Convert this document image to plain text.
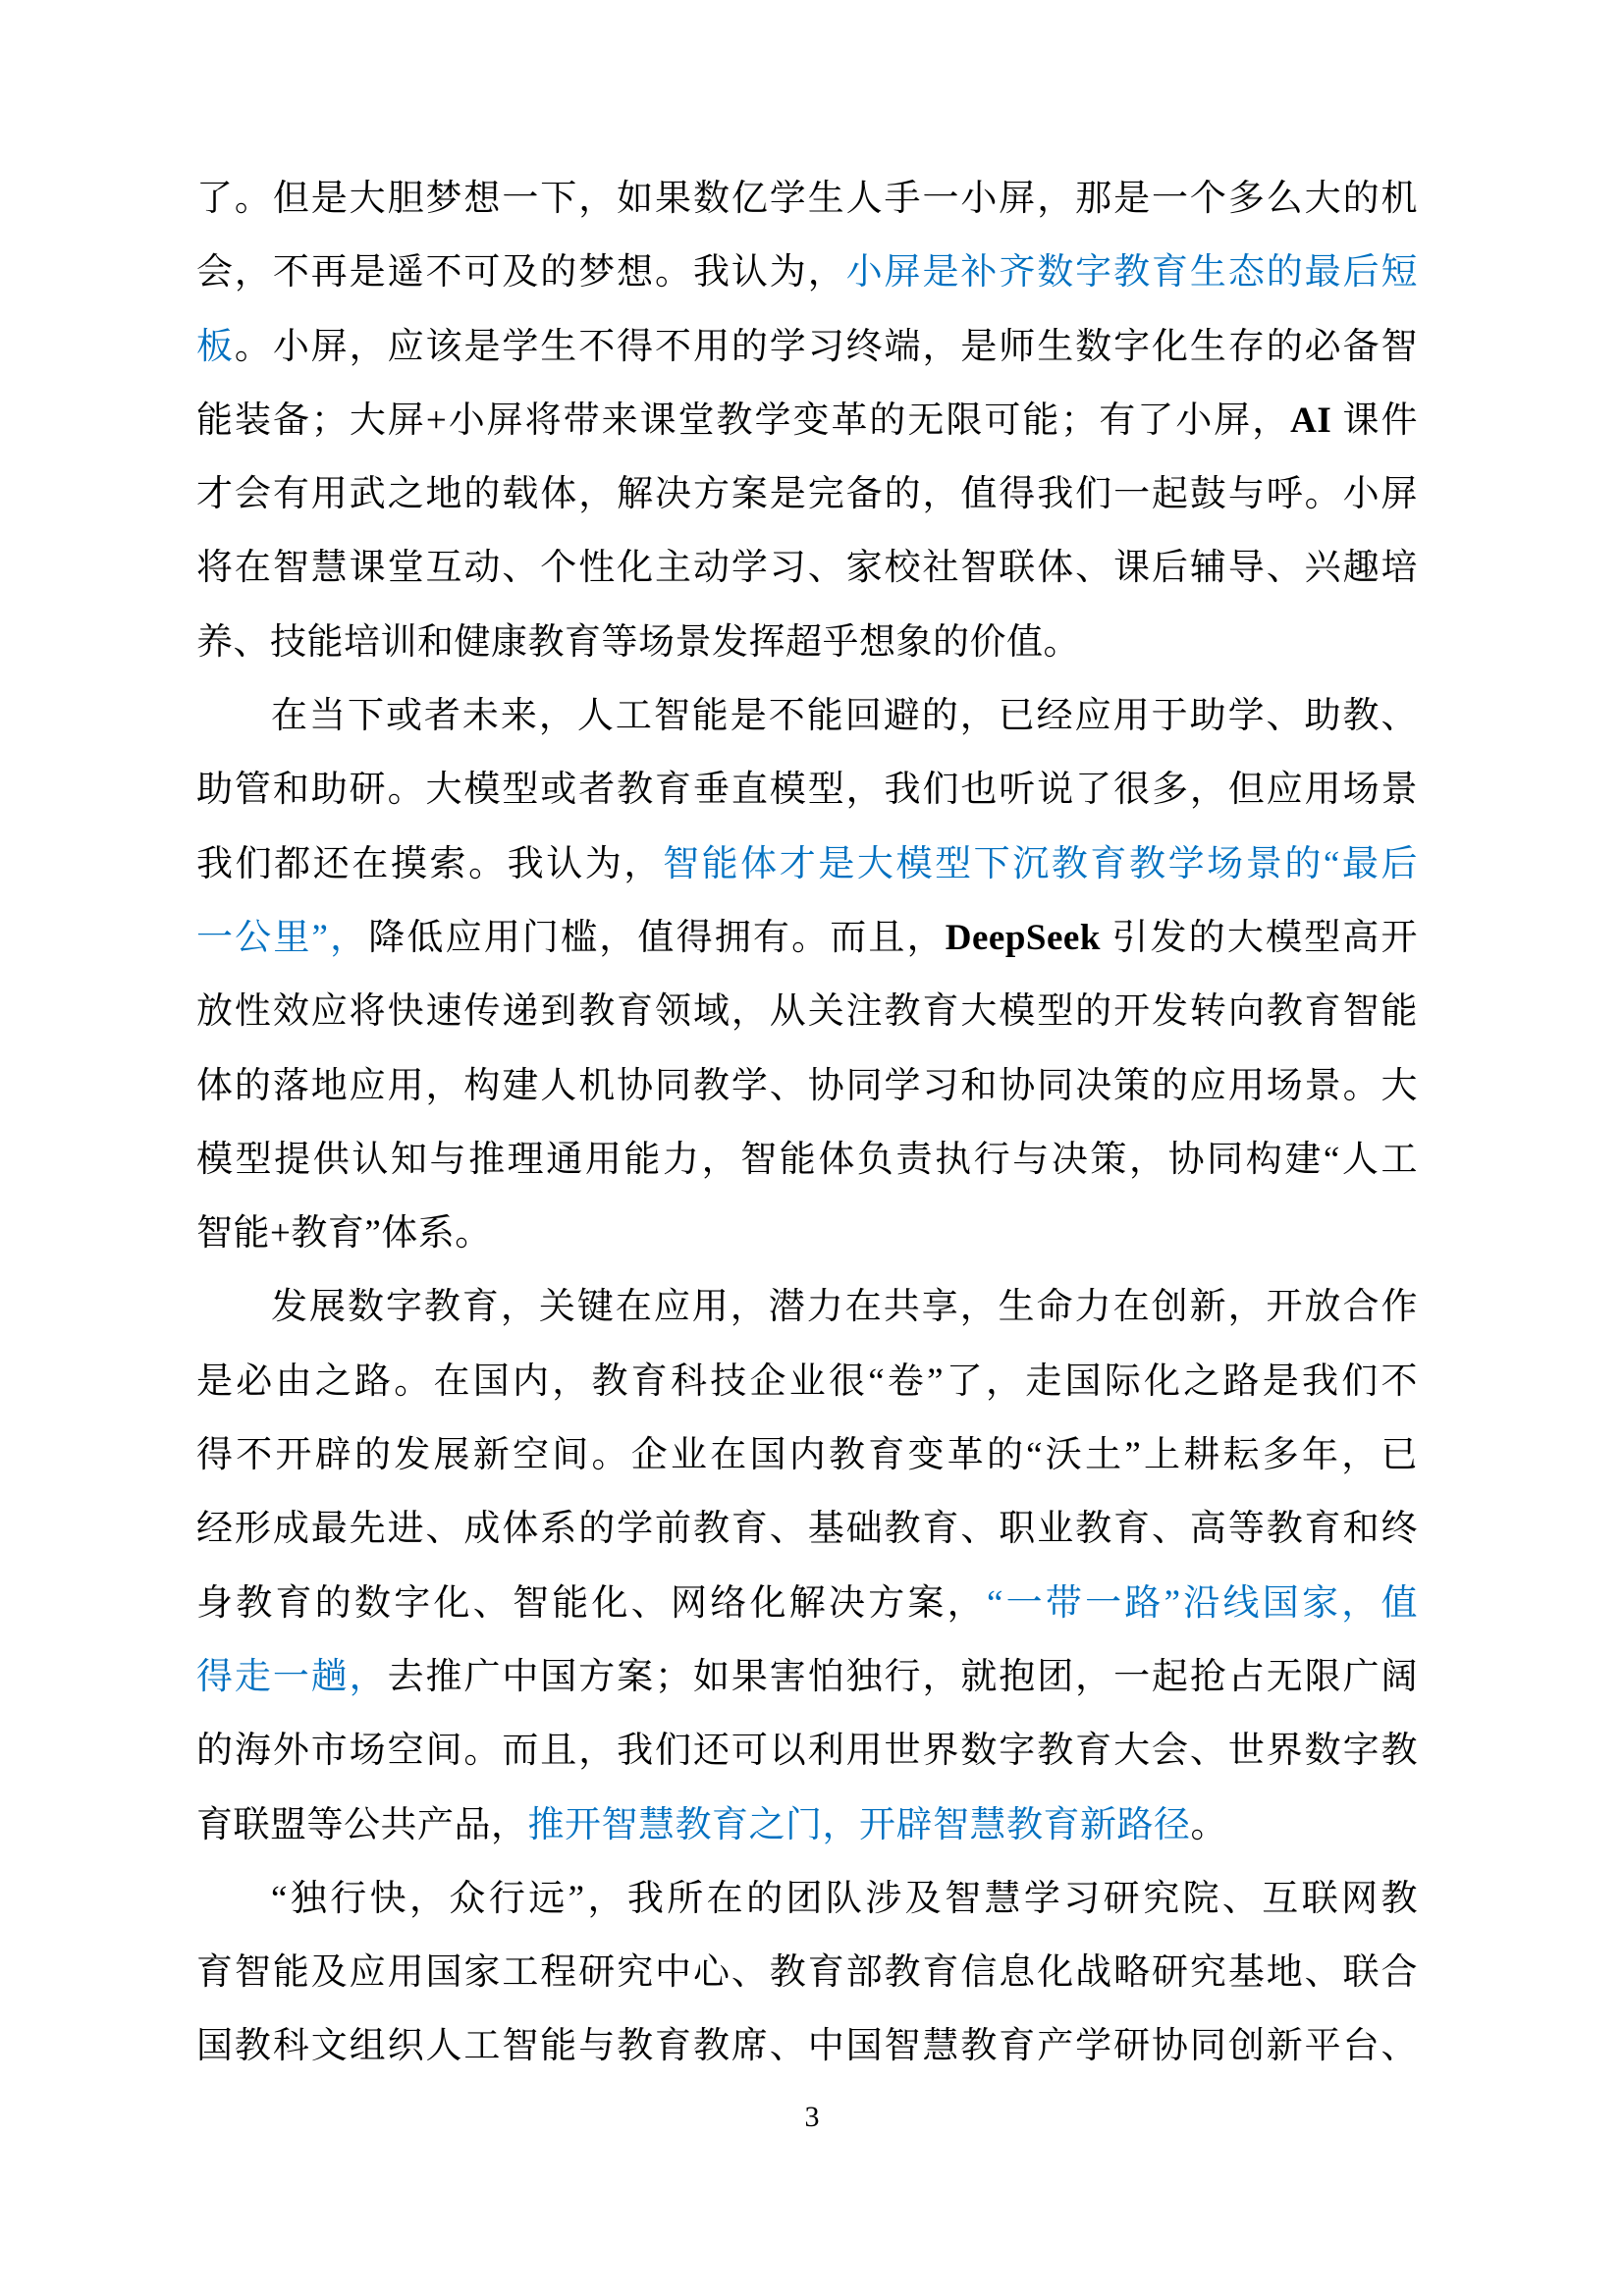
了。但是大胆梦想一下，如果数亿学生人手一小屏，那是一个多么大的机
会，不再是遥不可及的梦想。我认为，小屏是补齐数字教育生态的最后短
板。小屏，应该是学生不得不用的学习终端，是师生数字化生存的必备智
能装备；大屏+小屏将带来课堂教学变革的无限可能；有了小屏，AI 课件
才会有用武之地的载体，解决方案是完备的，值得我们一起鼓与呼。小屏
将在智慧课堂互动、个性化主动学习、家校社智联体、课后辅导、兴趣培
养、技能培训和健康教育等场景发挥超乎想象的价值。
在当下或者未来，人工智能是不能回避的，已经应用于助学、助教、
助管和助研。大模型或者教育垂直模型，我们也听说了很多，但应用场景
我们都还在摸索。我认为，智能体才是大模型下沉教育教学场景的“最后
一公里”，降低应用门槛，值得拥有。而且，DeepSeek 引发的大模型高开
放性效应将快速传递到教育领域，从关注教育大模型的开发转向教育智能
体的落地应用，构建人机协同教学、协同学习和协同决策的应用场景。大
模型提供认知与推理通用能力，智能体负责执行与决策，协同构建“人工
智能+教育”体系。
发展数字教育，关键在应用，潜力在共享，生命力在创新，开放合作
是必由之路。在国内，教育科技企业很“卷”了，走国际化之路是我们不
得不开辟的发展新空间。企业在国内教育变革的“沃土”上耕耘多年，已
经形成最先进、成体系的学前教育、基础教育、职业教育、高等教育和终
身教育的数字化、智能化、网络化解决方案，“一带一路”沿线国家，值
得走一趟，去推广中国方案；如果害怕独行，就抱团，一起抢占无限广阔
的海外市场空间。而且，我们还可以利用世界数字教育大会、世界数字教
育联盟等公共产品，推开智慧教育之门，开辟智慧教育新路径。
“独行快，众行远”，我所在的团队涉及智慧学习研究院、互联网教
育智能及应用国家工程研究中心、教育部教育信息化战略研究基地、联合
国教科文组织人工智能与教育教席、中国智慧教育产学研协同创新平台、
3
